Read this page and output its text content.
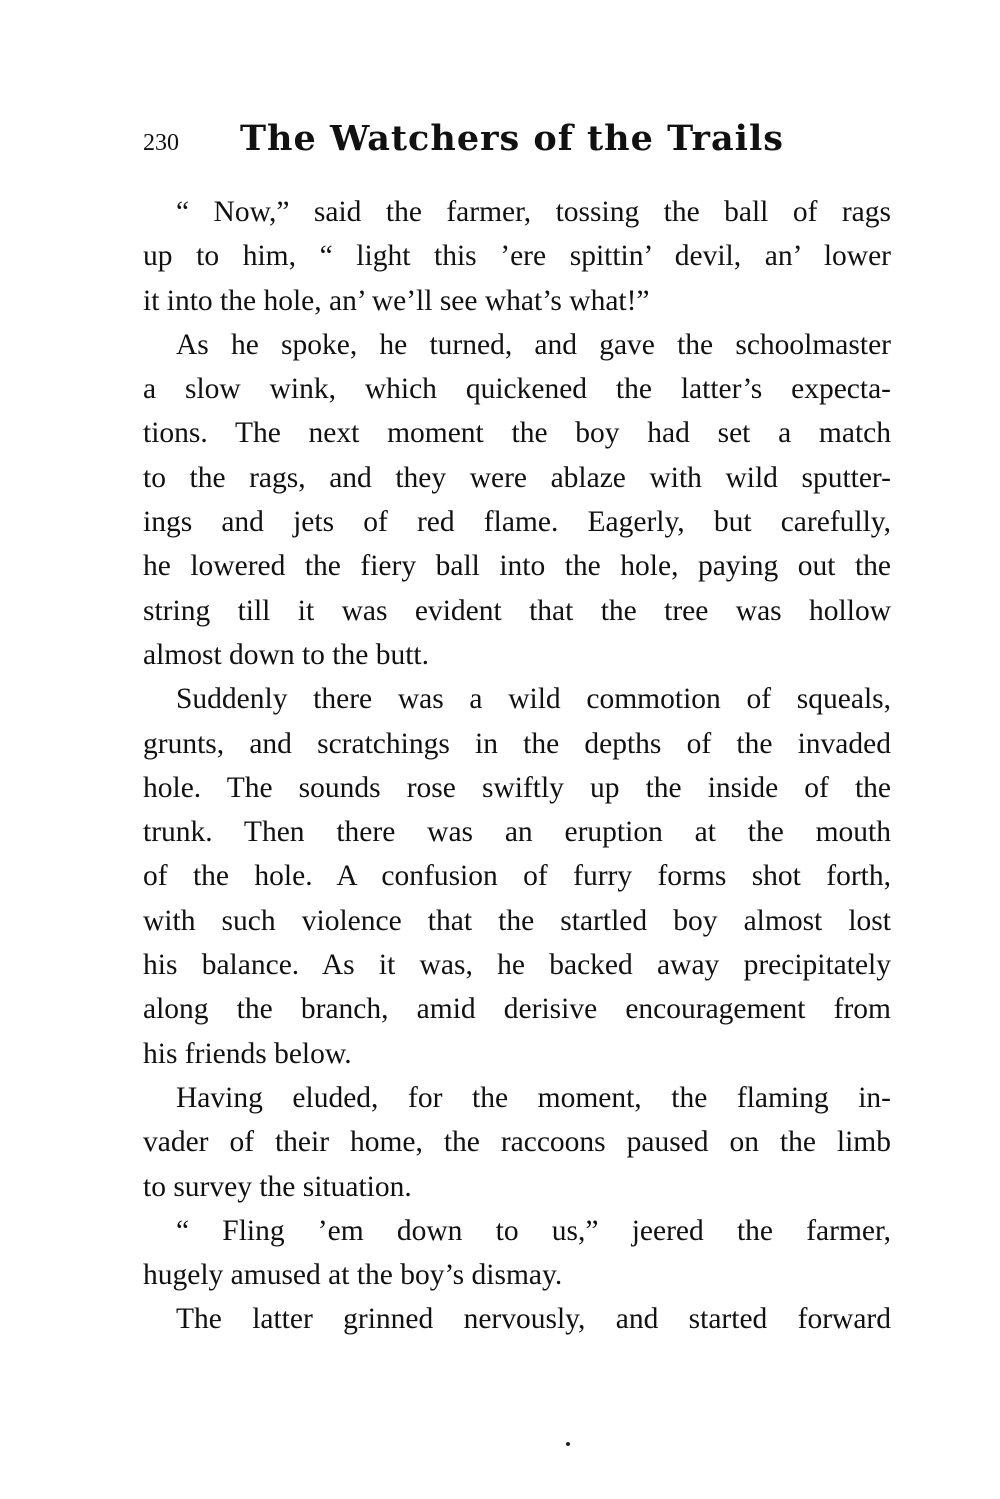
230 The Watchers of the Trails
“ Now,” said the farmer, tossing the ball of rags
up to him, “ light this ’ere spittin’ devil, an’ lower
it into the hole, an’ we’ll see what’s what!”
As he spoke, he turned, and gave the schoolmaster
a slow wink, which quickened the latter’s expecta-
tions. The next moment the boy had set a match
to the rags, and they were ablaze with wild sputter-
ings and jets of red flame. Eagerly, but carefully,
he lowered the fiery ball into the hole, paying out the
string till it was evident that the tree was hollow
almost down to the butt.
Suddenly there was a wild commotion of squeals,
grunts, and scratchings in the depths of the invaded
hole. The sounds rose swiftly up the inside of the
trunk. Then there was an eruption at the mouth
of the hole. A confusion of furry forms shot forth,
with such violence that the startled boy almost lost
his balance. As it was, he backed away precipitately
along the branch, amid derisive encouragement from
his friends below.
Having eluded, for the moment, the flaming in-
vader of their home, the raccoons paused on the limb
to survey the situation.
“ Fling ’em down to us,” jeered the farmer,
hugely amused at the boy’s dismay.
The latter grinned nervously, and started forward
